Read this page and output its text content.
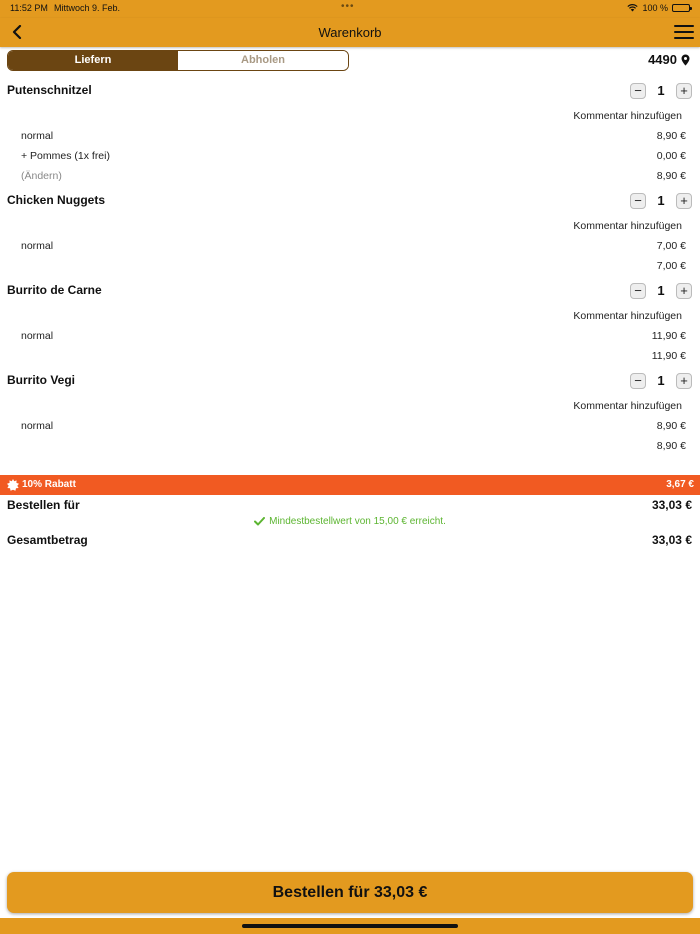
11:52 PM Mittwoch 9. Feb.	•••	100 %
Warenkorb
Liefern	Abholen	4490
Putenschnitzel	−	1	+
Kommentar hinzufügen
normal	8,90 €
+ Pommes (1x frei)	0,00 €
(Ändern)	8,90 €
Chicken Nuggets	−	1	+
Kommentar hinzufügen
normal	7,00 €
7,00 €
Burrito de Carne	−	1	+
Kommentar hinzufügen
normal	11,90 €
11,90 €
Burrito Vegi	−	1	+
Kommentar hinzufügen
normal	8,90 €
8,90 €
10% Rabatt	3,67 €
Bestellen für	33,03 €
Mindestbestellwert von 15,00 € erreicht.
Gesamtbetrag	33,03 €
Bestellen für 33,03 €
